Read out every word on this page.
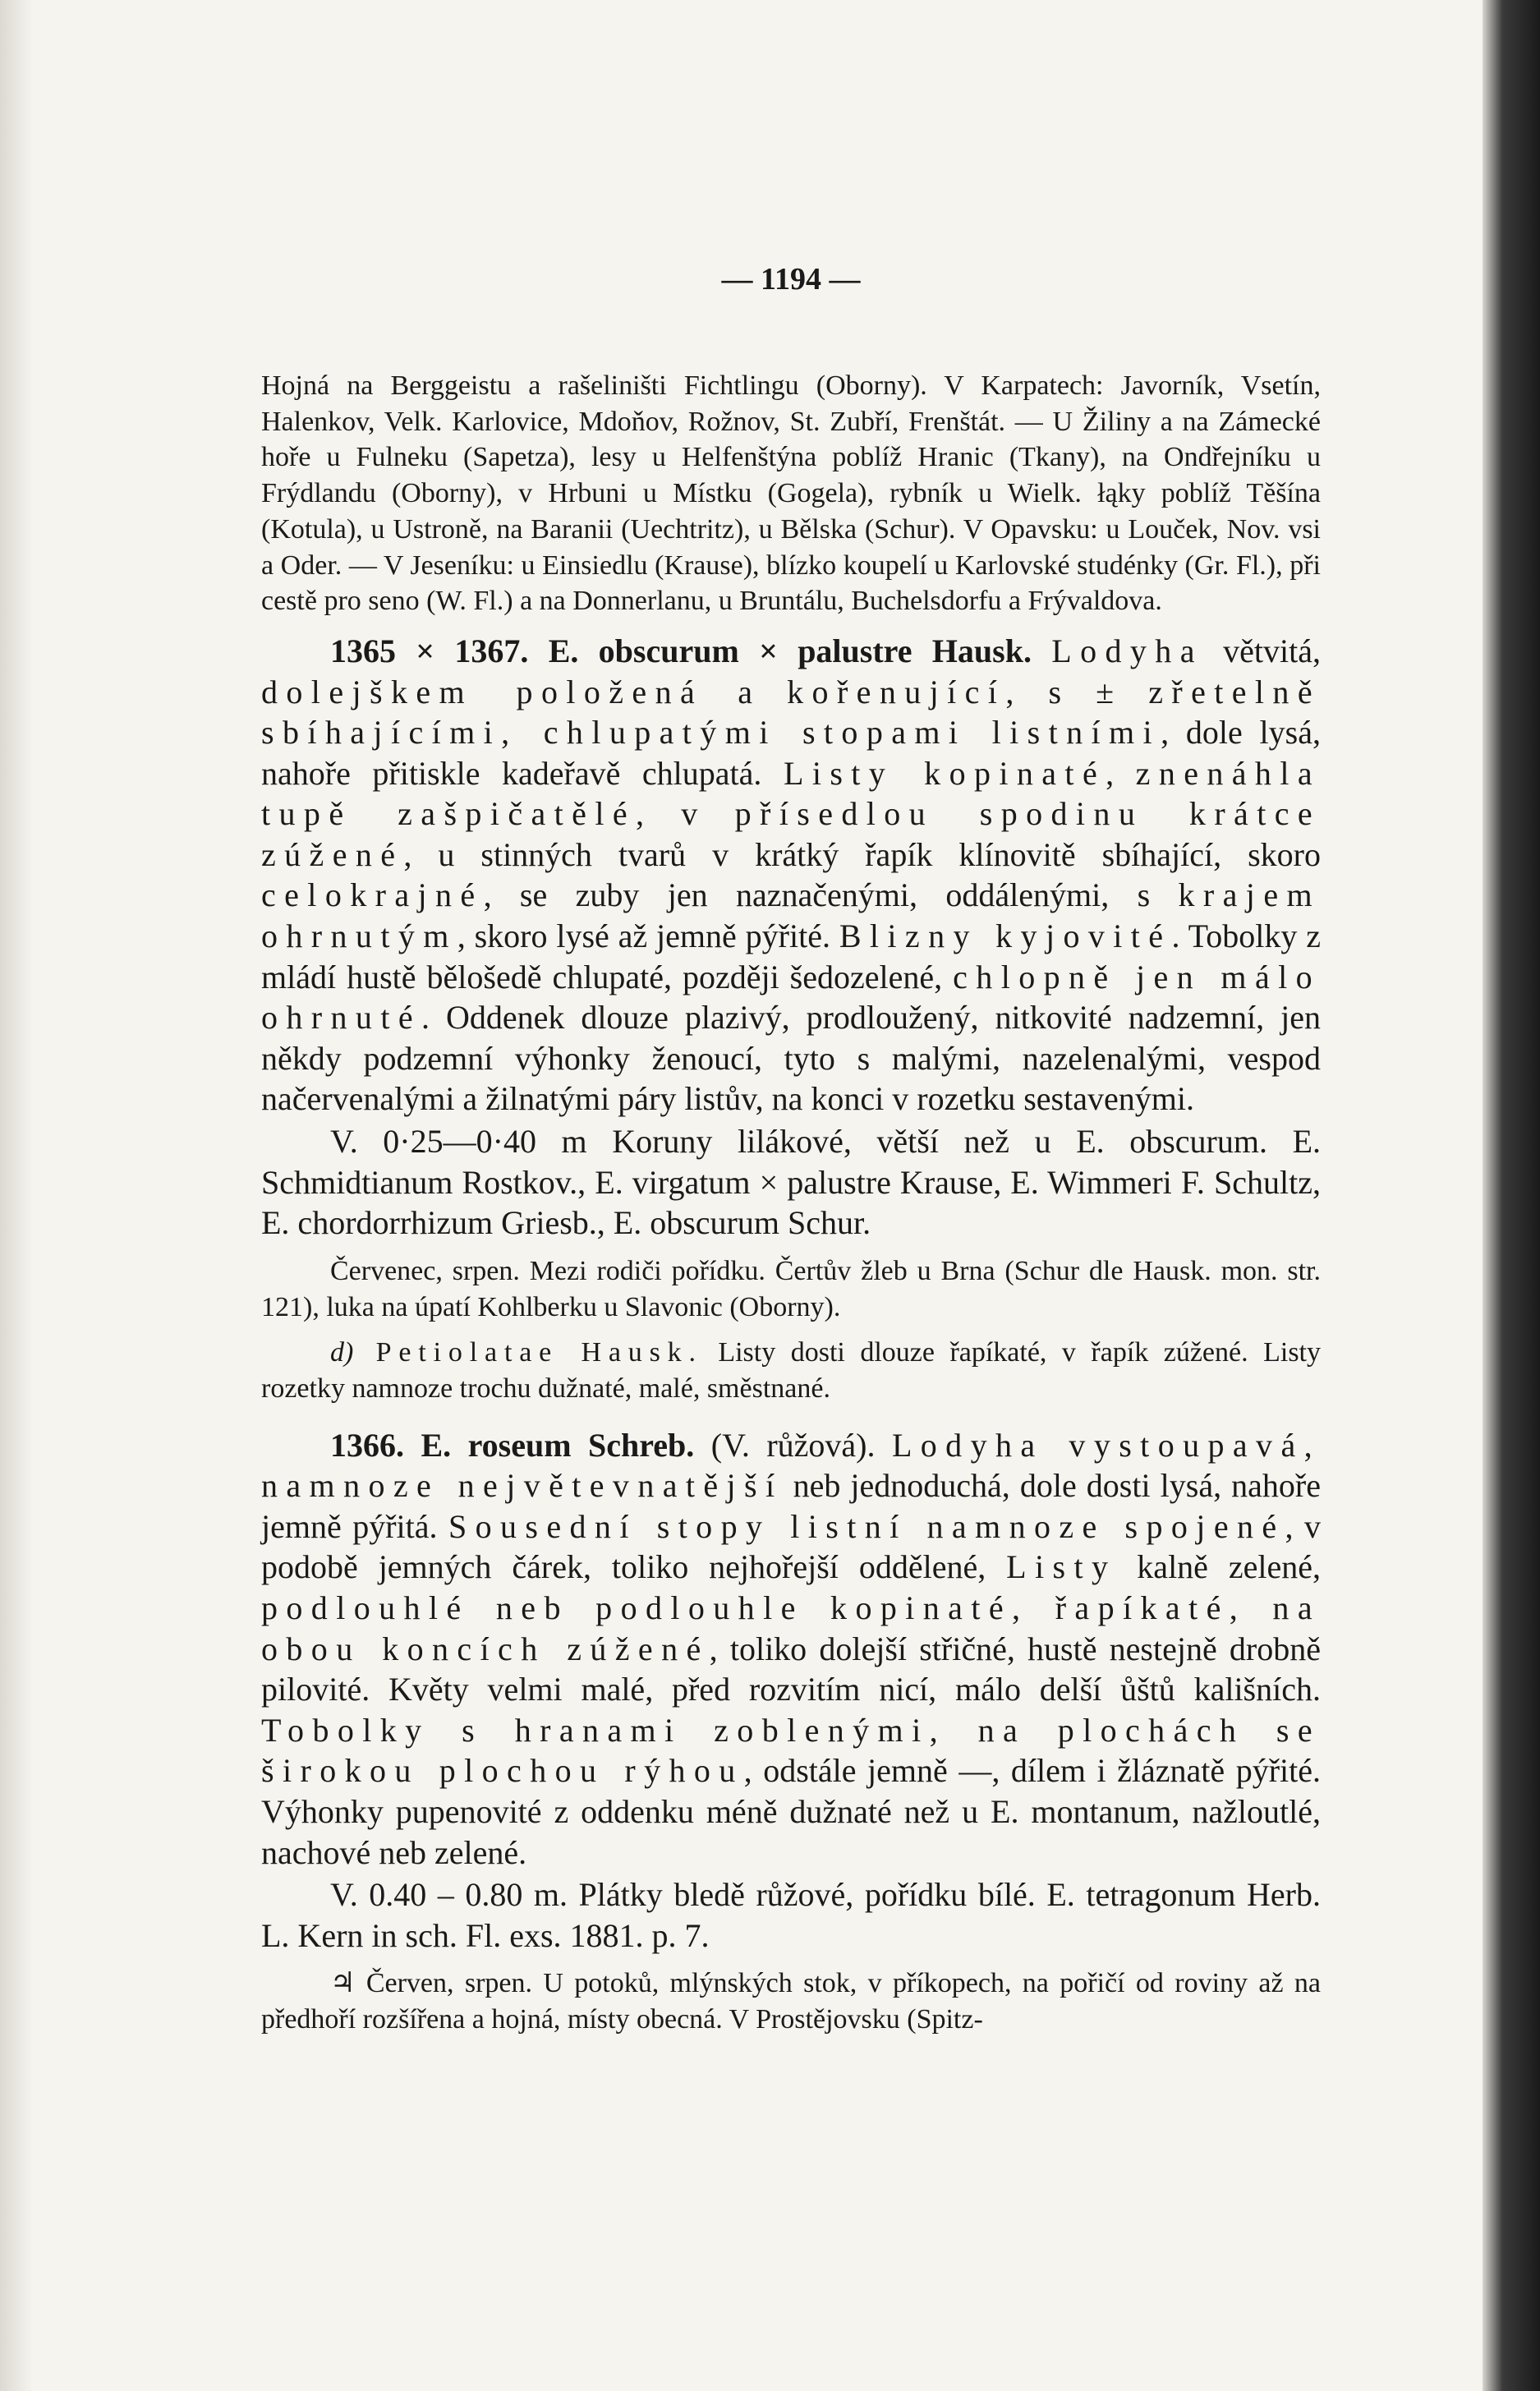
— 1194 —

Hojná na Berggeistu a rašeliništi Fichtlingu (Oborny). V Karpatech: Javorník, Vsetín, Halenkov, Velk. Karlovice, Mdoňov, Rožnov, St. Zubří, Frenštát. — U Žiliny a na Zámecké hoře u Fulneku (Sapetza), lesy u Helfenštýna poblíž Hranic (Tkany), na Ondřejníku u Frýdlandu (Oborny), v Hrbuni u Místku (Gogela), rybník u Wielk. łąky poblíž Těšína (Kotula), u Ustroně, na Baranii (Uechtritz), u Bělska (Schur). V Opavsku: u Louček, Nov. vsi a Oder. — V Jeseníku: u Einsiedlu (Krause), blízko koupelí u Karlovské studénky (Gr. Fl.), při cestě pro seno (W. Fl.) a na Donnerlanu, u Bruntálu, Buchelsdorfu a Frývaldova.

1365 × 1367. E. obscurum × palustre Hausk. Lodyha větvitá, dolejškem položená a kořenující, s ± zřetelně sbíhajícími, chlupatými stopami listními, dole lysá, nahoře přitiskle kadeřavě chlupatá. Listy kopinaté, znenáhla tupě zašpičatělé, v přísedlou spodinu krátce zúžené, u stinných tvarů v krátký řapík klínovitě sbíhající, skoro celokrajné, se zuby jen naznačenými, oddálenými, s krajem ohrnutým, skoro lysé až jemně pýřité. Blizny kyjovité. Tobolky z mládí hustě bělošedě chlupaté, později šedozelené, chlopně jen málo ohrnuté. Oddenek dlouze plazivý, prodloužený, nitkovité nadzemní, jen někdy podzemní výhonky ženoucí, tyto s malými, nazelenalými, vespod načervenalými a žilnatými páry listův, na konci v rozetku sestavenými.

V. 0·25—0·40 m Koruny lilákové, větší než u E. obscurum. E. Schmidtianum Rostkov., E. virgatum × palustre Krause, E. Wimmeri F. Schultz, E. chordorrhizum Griesb., E. obscurum Schur.

Červenec, srpen. Mezi rodiči pořídku. Čertův žleb u Brna (Schur dle Hausk. mon. str. 121), luka na úpatí Kohlberku u Slavonic (Oborny).

d) Petiolatae Hausk. Listy dosti dlouze řapíkaté, v řapík zúžené. Listy rozetky namnoze trochu dužnaté, malé, směstnané.

1366. E. roseum Schreb. (V. růžová). Lodyha vystoupavá, namnoze největevnatější neb jednoduchá, dole dosti lysá, nahoře jemně pýřitá. Sousední stopy listní namnoze spojené, v podobě jemných čárek, toliko nejhořejší oddělené, Listy kalně zelené, podlouhlé neb podlouhle kopinaté, řapíkaté, na obou koncích zúžené, toliko dolejší střičné, hustě nestejně drobně pilovité. Květy velmi malé, před rozvitím nicí, málo delší ůštů kališních. Tobolky s hranami zoblenými, na plochách se širokou plochou rýhou, odstále jemně —, dílem i žláznatě pýřité. Výhonky pupenovité z oddenku méně dužnaté než u E. montanum, nažloutlé, nachové neb zelené.

V. 0.40 – 0.80 m. Plátky bledě růžové, pořídku bílé. E. tetragonum Herb. L. Kern in sch. Fl. exs. 1881. p. 7.

♃ Červen, srpen. U potoků, mlýnských stok, v příkopech, na pořičí od roviny až na předhoří rozšířena a hojná, místy obecná. V Prostějovsku (Spitz-
